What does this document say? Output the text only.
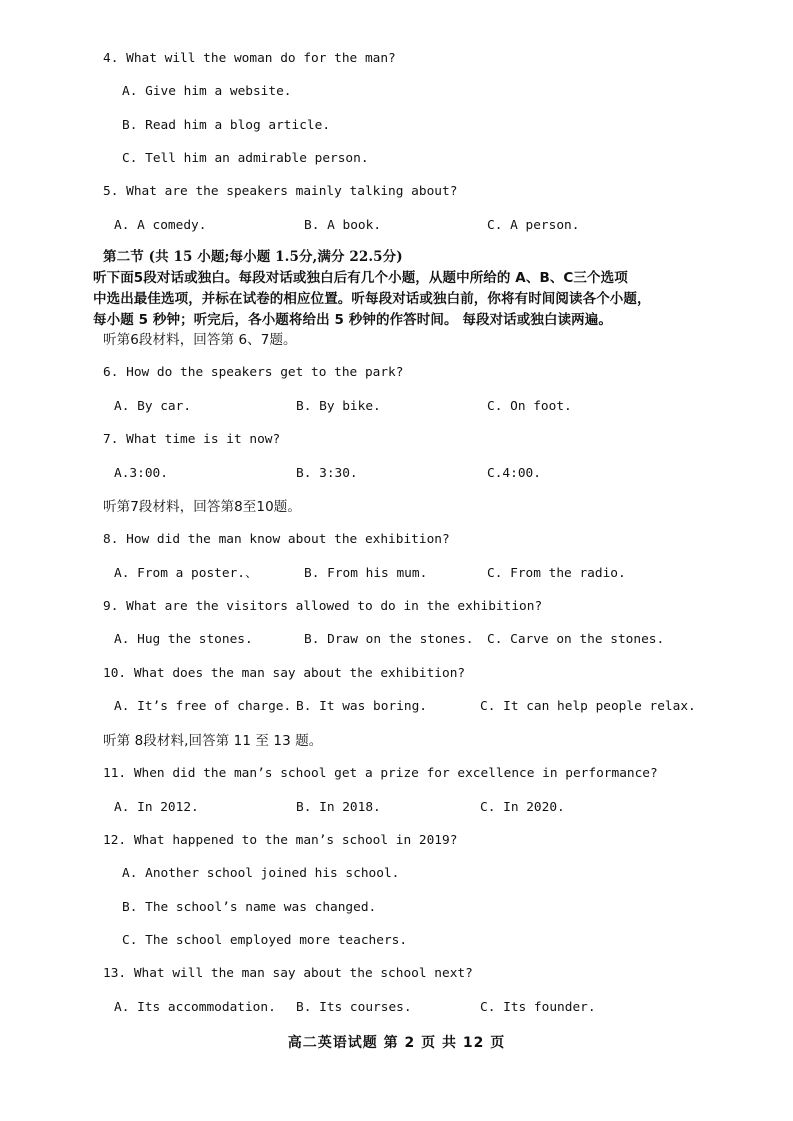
4. What will the woman do for the man?
A. Give him a website.
B. Read him a blog article.
C. Tell him an admirable person.
5. What are the speakers mainly talking about?
A. A comedy.	B. A book.	C. A person.
第二节 (共 15 小题;每小题 1.5分,满分 22.5分)
听下面5段对话或独白。每段对话或独白后有几个小题，从题中所给的 A、B、C三个选项
中选出最佳选项，并标在试卷的相应位置。听每段对话或独白前，你将有时间阅读各个小题，
每小题 5 秒钟；听完后，各小题将给出 5 秒钟的作答时间。 每段对话或独白读两遍。
听第6段材料，回答第 6、7题。
6. How do the speakers get to the park?
A. By car.	B. By bike.	C. On foot.
7. What time is it now?
A.3:00.	B. 3:30.	C.4:00.
听第7段材料，回答第8至10题。
8. How did the man know about the exhibition?
A. From a poster.、	B. From his mum.	C. From the radio.
9. What are the visitors allowed to do in the exhibition?
A. Hug the stones.	B. Draw on the stones. C. Carve on the stones.
10. What does the man say about the exhibition?
A. It’s free of charge. B. It was boring.	C. It can help people relax.
听第 8段材料,回答第 11 至 13 题。
11. When did the man’s school get a prize for excellence in performance?
A. In 2012.	B. In 2018.	C. In 2020.
12. What happened to the man’s school in 2019?
A. Another school joined his school.
B. The school’s name was changed.
C. The school employed more teachers.
13. What will the man say about the school next?
A. Its accommodation. B. Its courses.	C. Its founder.
高二英语试题 第 2 页 共 12 页
